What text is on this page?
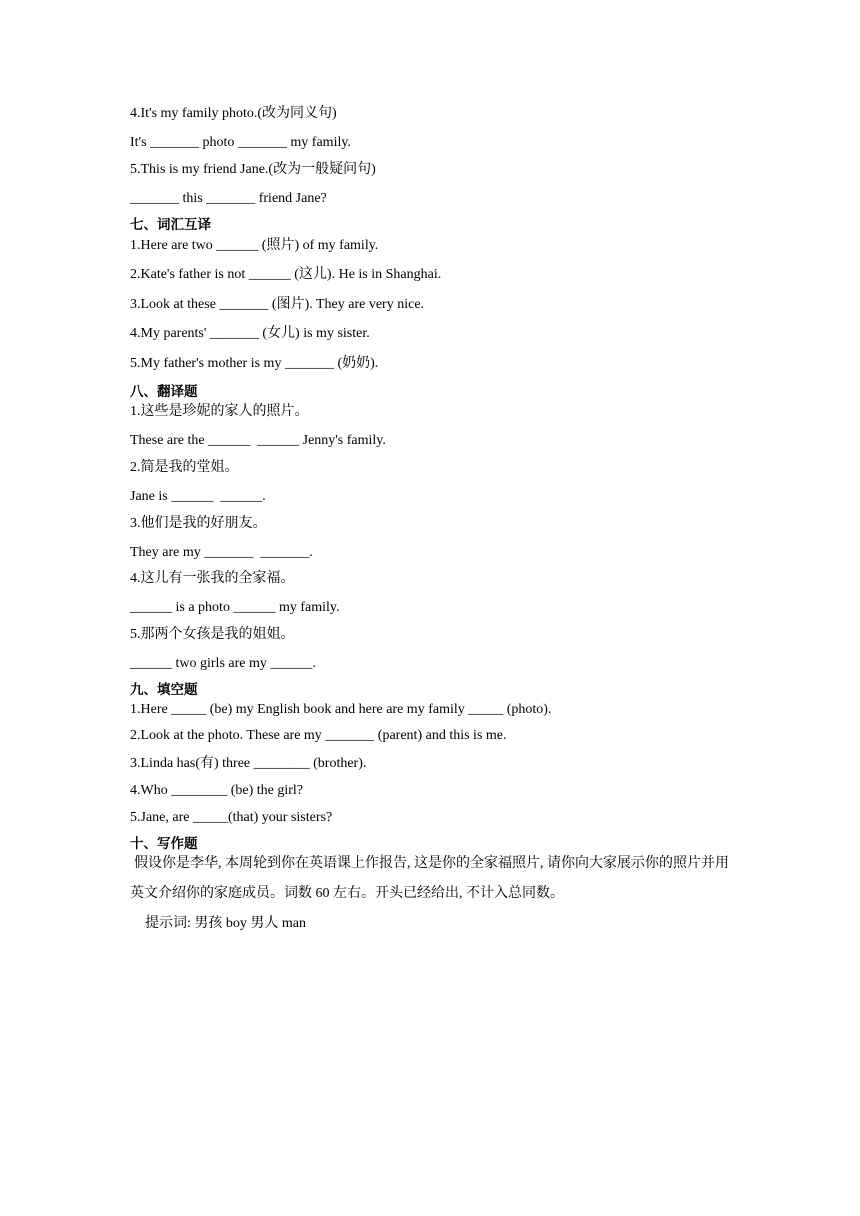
4.It's my family photo.(改为同义句)
It's _______ photo _______ my family.
5.This is my friend Jane.(改为一般疑问句)
_______ this _______ friend Jane?
七、词汇互译
1.Here are two ______ (照片) of my family.
2.Kate's father is not ______ (这儿). He is in Shanghai.
3.Look at these _______ (图片). They are very nice.
4.My parents' _______ (女儿) is my sister.
5.My father's mother is my _______ (奶奶).
八、翻译题
1.这些是珍妮的家人的照片。
These are the ______  ______ Jenny's family.
2.简是我的堂姐。
Jane is ______  ______.
3.他们是我的好朋友。
They are my _______  _______.
4.这儿有一张我的全家福。
______ is a photo ______ my family.
5.那两个女孩是我的姐姐。
______ two girls are my ______.
九、填空题
1.Here _____ (be) my English book and here are my family _____ (photo).
2.Look at the photo. These are my _______ (parent) and this is me.
3.Linda has(有) three ________ (brother).
4.Who ________ (be) the girl?
5.Jane, are _____(that) your sisters?
十、写作题
假设你是李华, 本周轮到你在英语课上作报告, 这是你的全家福照片, 请你向大家展示你的照片并用英文介绍你的家庭成员。词数 60 左右。开头已经给出, 不计入总同数。
提示词: 男孩 boy 男人 man
